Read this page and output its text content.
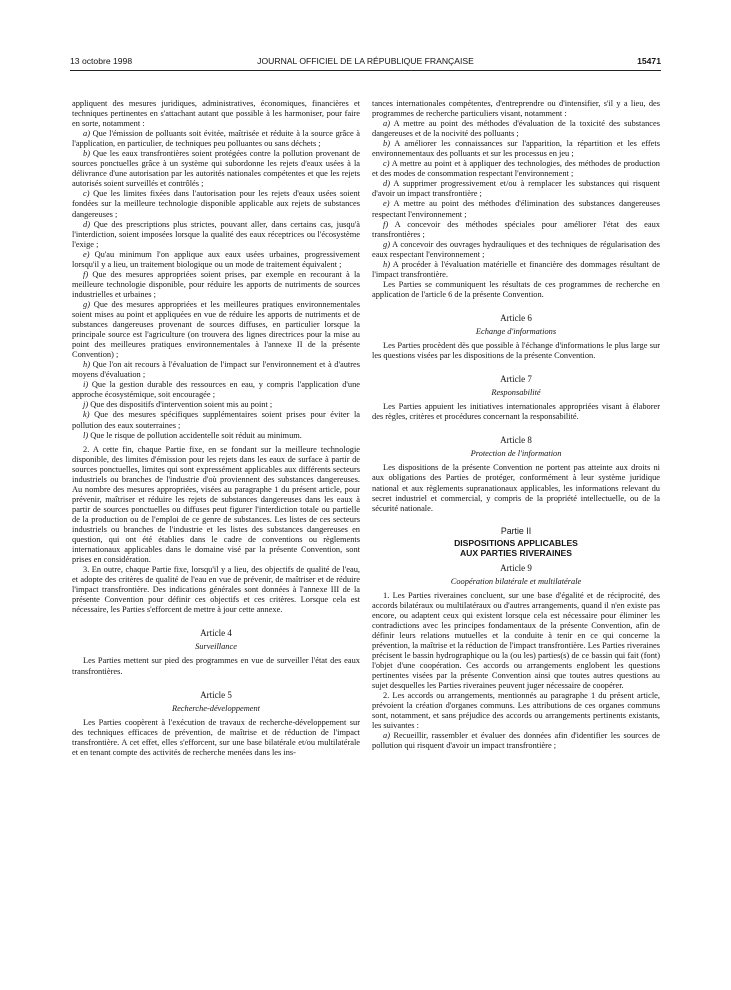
13 octobre 1998	JOURNAL OFFICIEL DE LA RÉPUBLIQUE FRANÇAISE	15471

appliquent des mesures juridiques, administratives, économiques, financières et techniques pertinentes en s'attachant autant que possible à les harmoniser, pour faire en sorte, notamment :

a) Que l'émission de polluants soit évitée, maîtrisée et réduite à la source grâce à l'application, en particulier, de techniques peu polluantes ou sans déchets ;

b) Que les eaux transfrontières soient protégées contre la pollution provenant de sources ponctuelles grâce à un système qui subordonne les rejets d'eaux usées à la délivrance d'une autorisation par les autorités nationales compétentes et que les rejets autorisés soient surveillés et contrôlés ;

c) Que les limites fixées dans l'autorisation pour les rejets d'eaux usées soient fondées sur la meilleure technologie disponible applicable aux rejets de substances dangereuses ;

d) Que des prescriptions plus strictes, pouvant aller, dans certains cas, jusqu'à l'interdiction, soient imposées lorsque la qualité des eaux réceptrices ou l'écosystème l'exige ;

e) Qu'au minimum l'on applique aux eaux usées urbaines, progressivement lorsqu'il y a lieu, un traitement biologique ou un mode de traitement équivalent ;

f) Que des mesures appropriées soient prises, par exemple en recourant à la meilleure technologie disponible, pour réduire les apports de nutriments de sources industrielles et urbaines ;

g) Que des mesures appropriées et les meilleures pratiques environnementales soient mises au point et appliquées en vue de réduire les apports de nutriments et de substances dangereuses provenant de sources diffuses, en particulier lorsque la principale source est l'agriculture (on trouvera des lignes directrices pour la mise au point des meilleures pratiques environnementales à l'annexe II de la présente Convention) ;

h) Que l'on ait recours à l'évaluation de l'impact sur l'environnement et à d'autres moyens d'évaluation ;

i) Que la gestion durable des ressources en eau, y compris l'application d'une approche écosystémique, soit encouragée ;

j) Que des dispositifs d'intervention soient mis au point ;

k) Que des mesures spécifiques supplémentaires soient prises pour éviter la pollution des eaux souterraines ;

l) Que le risque de pollution accidentelle soit réduit au minimum.

2. A cette fin, chaque Partie fixe, en se fondant sur la meilleure technologie disponible, des limites d'émission pour les rejets dans les eaux de surface à partir de sources ponctuelles, limites qui sont expressément applicables aux différents secteurs industriels ou branches de l'industrie d'où proviennent des substances dangereuses. Au nombre des mesures appropriées, visées au paragraphe 1 du présent article, pour prévenir, maîtriser et réduire les rejets de substances dangereuses dans les eaux à partir de sources ponctuelles ou diffuses peut figurer l'interdiction totale ou partielle de la production ou de l'emploi de ce genre de substances. Les listes de ces secteurs industriels ou branches de l'industrie et les listes des substances dangereuses en question, qui ont été établies dans le cadre de conventions ou règlements internationaux applicables dans le domaine visé par la présente Convention, sont prises en considération.

3. En outre, chaque Partie fixe, lorsqu'il y a lieu, des objectifs de qualité de l'eau, et adopte des critères de qualité de l'eau en vue de prévenir, de maîtriser et de réduire l'impact transfrontière. Des indications générales sont données à l'annexe III de la présente Convention pour définir ces objectifs et ces critères. Lorsque cela est nécessaire, les Parties s'efforcent de mettre à jour cette annexe.

Article 4
Surveillance

Les Parties mettent sur pied des programmes en vue de surveiller l'état des eaux transfrontières.

Article 5
Recherche-développement

Les Parties coopèrent à l'exécution de travaux de recherche-développement sur des techniques efficaces de prévention, de maîtrise et de réduction de l'impact transfrontière. A cet effet, elles s'efforcent, sur une base bilatérale et/ou multilatérale et en tenant compte des activités de recherche menées dans les ins-

tances internationales compétentes, d'entreprendre ou d'intensifier, s'il y a lieu, des programmes de recherche particuliers visant, notamment :

a) A mettre au point des méthodes d'évaluation de la toxicité des substances dangereuses et de la nocivité des polluants ;

b) A améliorer les connaissances sur l'apparition, la répartition et les effets environnementaux des polluants et sur les processus en jeu ;

c) A mettre au point et à appliquer des technologies, des méthodes de production et des modes de consommation respectant l'environnement ;

d) A supprimer progressivement et/ou à remplacer les substances qui risquent d'avoir un impact transfrontière ;

e) A mettre au point des méthodes d'élimination des substances dangereuses respectant l'environnement ;

f) A concevoir des méthodes spéciales pour améliorer l'état des eaux transfrontières ;

g) A concevoir des ouvrages hydrauliques et des techniques de régularisation des eaux respectant l'environnement ;

h) A procéder à l'évaluation matérielle et financière des dommages résultant de l'impact transfrontière.

Les Parties se communiquent les résultats de ces programmes de recherche en application de l'article 6 de la présente Convention.

Article 6
Echange d'informations

Les Parties procèdent dès que possible à l'échange d'informations le plus large sur les questions visées par les dispositions de la présente Convention.

Article 7
Responsabilité

Les Parties appuient les initiatives internationales appropriées visant à élaborer des règles, critères et procédures concernant la responsabilité.

Article 8
Protection de l'information

Les dispositions de la présente Convention ne portent pas atteinte aux droits ni aux obligations des Parties de protéger, conformément à leur système juridique national et aux règlements supranationaux applicables, les informations relevant du secret industriel et commercial, y compris de la propriété intellectuelle, ou de la sécurité nationale.

Partie II
DISPOSITIONS APPLICABLES
AUX PARTIES RIVERAINES
Article 9
Coopération bilatérale et multilatérale

1. Les Parties riveraines concluent, sur une base d'égalité et de réciprocité, des accords bilatéraux ou multilatéraux ou d'autres arrangements, quand il n'en existe pas encore, ou adaptent ceux qui existent lorsque cela est nécessaire pour éliminer les contradictions avec les principes fondamentaux de la présente Convention, afin de définir leurs relations mutuelles et la conduite à tenir en ce qui concerne la prévention, la maîtrise et la réduction de l'impact transfrontière. Les Parties riveraines précisent le bassin hydrographique ou la (ou les) parties(s) de ce bassin qui fait (font) l'objet d'une coopération. Ces accords ou arrangements englobent les questions pertinentes visées par la présente Convention ainsi que toutes autres questions au sujet desquelles les Parties riveraines peuvent juger nécessaire de coopérer.

2. Les accords ou arrangements, mentionnés au paragraphe 1 du présent article, prévoient la création d'organes communs. Les attributions de ces organes communs sont, notamment, et sans préjudice des accords ou arrangements pertinents existants, les suivantes :

a) Recueillir, rassembler et évaluer des données afin d'identifier les sources de pollution qui risquent d'avoir un impact transfrontière ;
